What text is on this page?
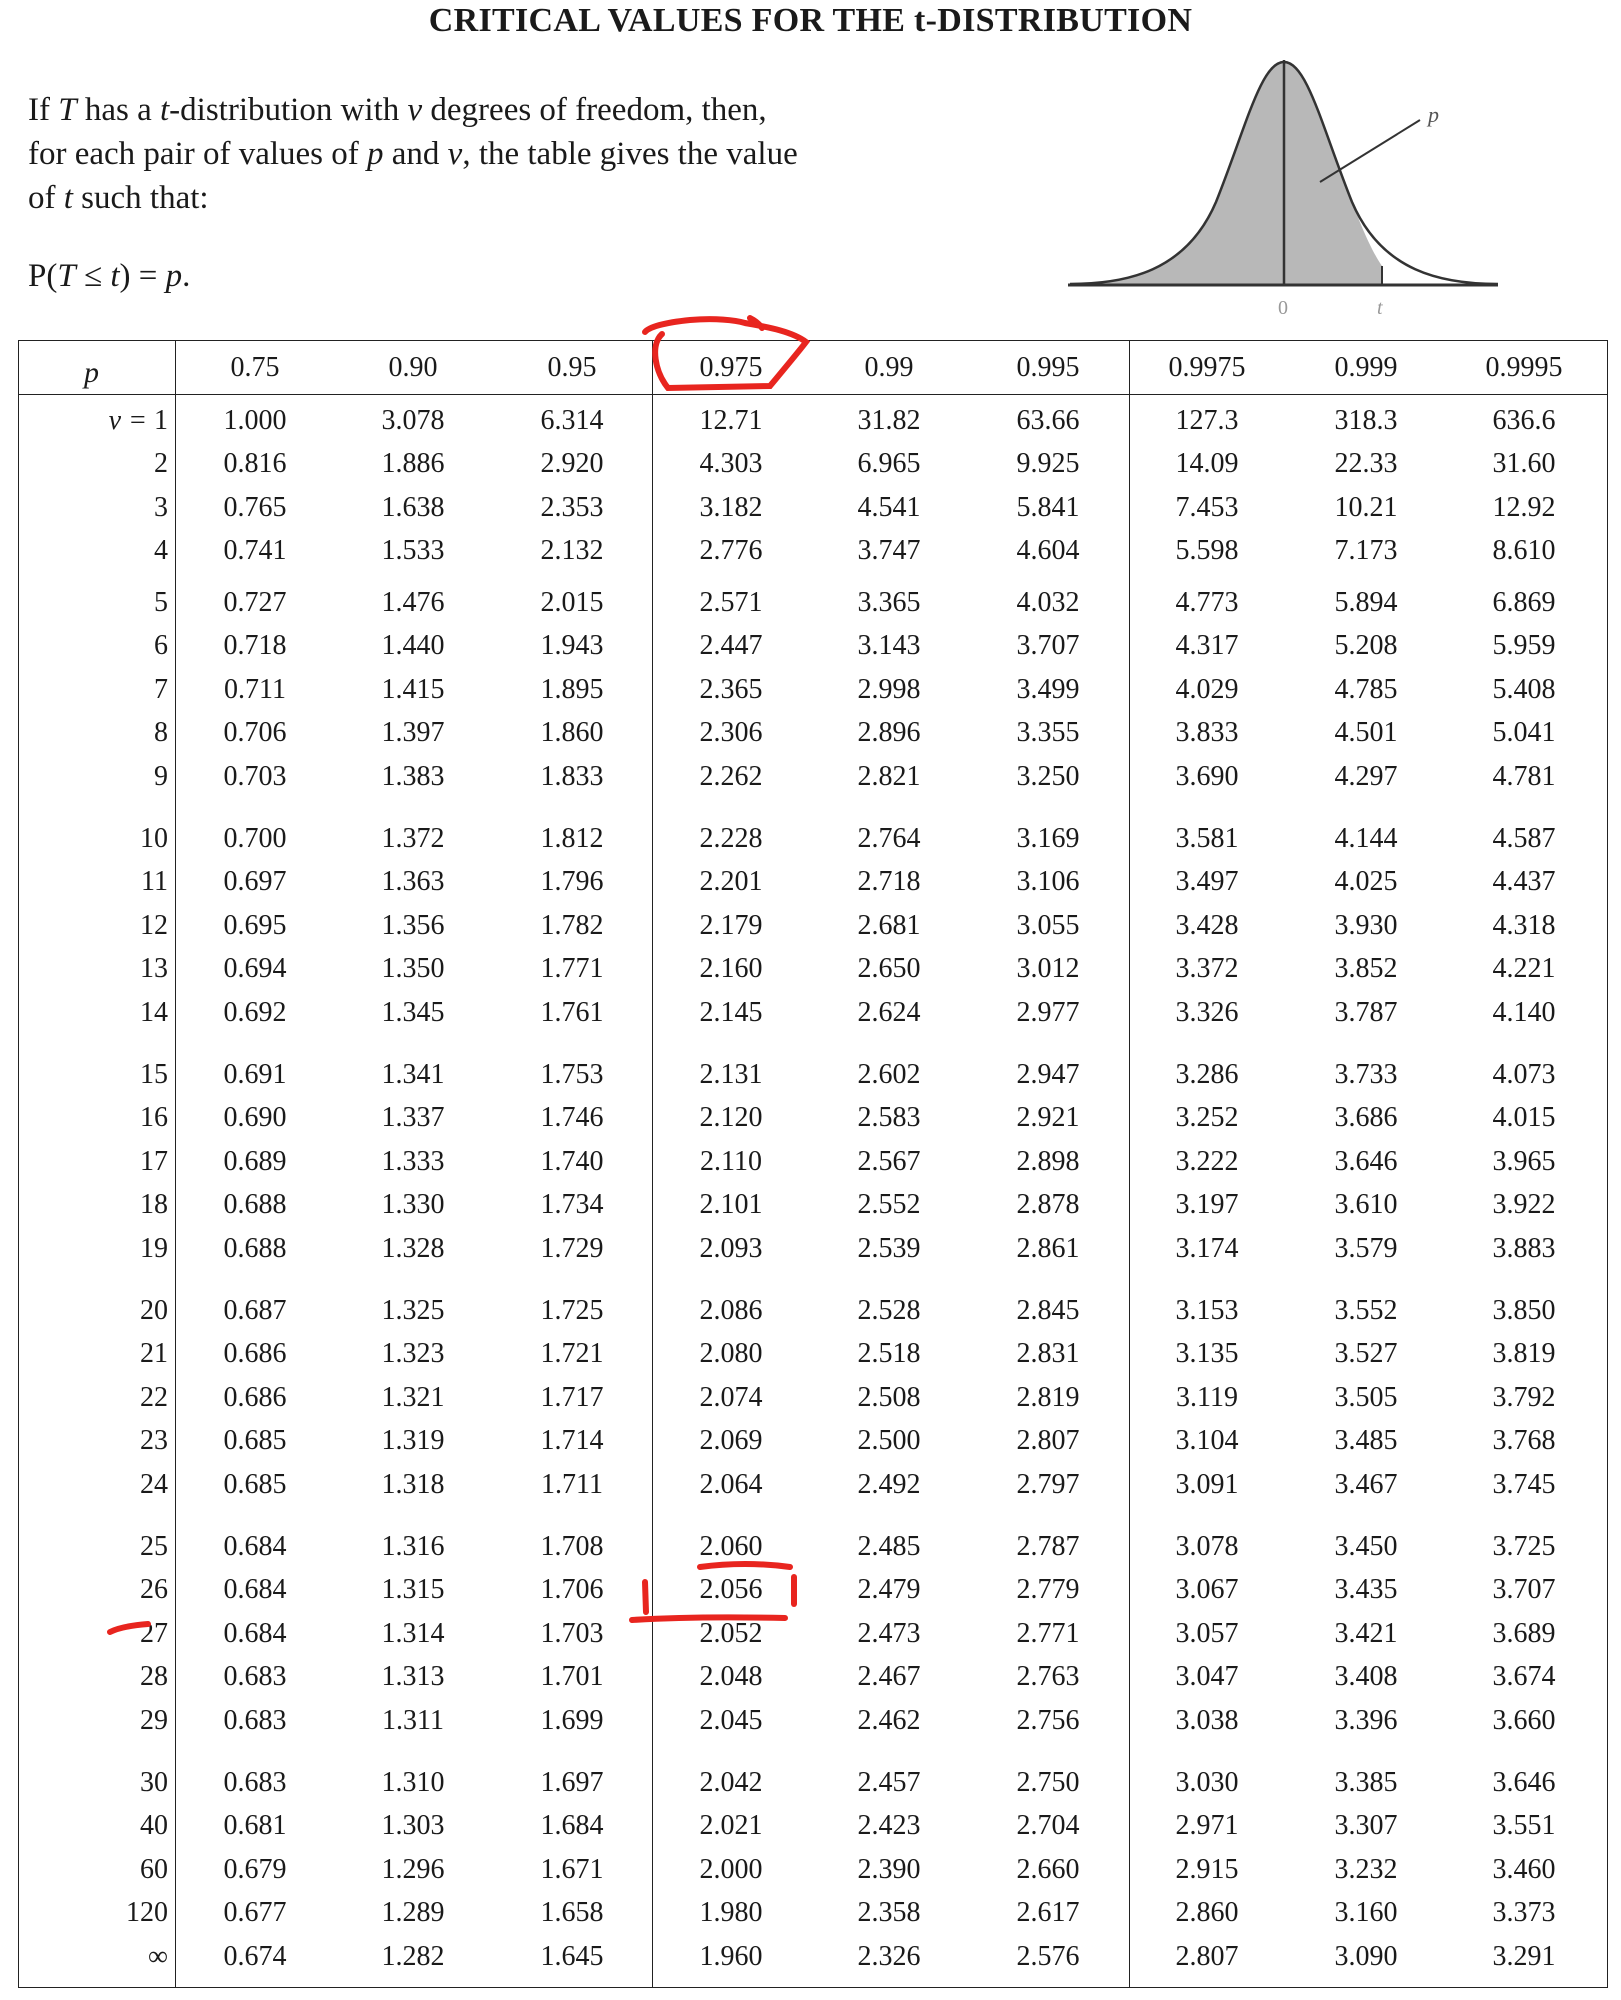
CRITICAL VALUES FOR THE t-DISTRIBUTION

If T has a t-distribution with ν degrees of freedom, then,

for each pair of values of p and ν, the table gives the value

of t such that:

P(T ≤ t) = p.
p
0	t
p	0.75	0.90	0.95	0.975	0.99	0.995	0.9975	0.999	0.9995
ν = 1	1.000	3.078	6.314	12.71	31.82	63.66	127.3	318.3	636.6
2	0.816	1.886	2.920	4.303	6.965	9.925	14.09	22.33	31.60
3	0.765	1.638	2.353	3.182	4.541	5.841	7.453	10.21	12.92
4	0.741	1.533	2.132	2.776	3.747	4.604	5.598	7.173	8.610
5	0.727	1.476	2.015	2.571	3.365	4.032	4.773	5.894	6.869
6	0.718	1.440	1.943	2.447	3.143	3.707	4.317	5.208	5.959
7	0.711	1.415	1.895	2.365	2.998	3.499	4.029	4.785	5.408
8	0.706	1.397	1.860	2.306	2.896	3.355	3.833	4.501	5.041
9	0.703	1.383	1.833	2.262	2.821	3.250	3.690	4.297	4.781
10	0.700	1.372	1.812	2.228	2.764	3.169	3.581	4.144	4.587
11	0.697	1.363	1.796	2.201	2.718	3.106	3.497	4.025	4.437
12	0.695	1.356	1.782	2.179	2.681	3.055	3.428	3.930	4.318
13	0.694	1.350	1.771	2.160	2.650	3.012	3.372	3.852	4.221
14	0.692	1.345	1.761	2.145	2.624	2.977	3.326	3.787	4.140
15	0.691	1.341	1.753	2.131	2.602	2.947	3.286	3.733	4.073
16	0.690	1.337	1.746	2.120	2.583	2.921	3.252	3.686	4.015
17	0.689	1.333	1.740	2.110	2.567	2.898	3.222	3.646	3.965
18	0.688	1.330	1.734	2.101	2.552	2.878	3.197	3.610	3.922
19	0.688	1.328	1.729	2.093	2.539	2.861	3.174	3.579	3.883
20	0.687	1.325	1.725	2.086	2.528	2.845	3.153	3.552	3.850
21	0.686	1.323	1.721	2.080	2.518	2.831	3.135	3.527	3.819
22	0.686	1.321	1.717	2.074	2.508	2.819	3.119	3.505	3.792
23	0.685	1.319	1.714	2.069	2.500	2.807	3.104	3.485	3.768
24	0.685	1.318	1.711	2.064	2.492	2.797	3.091	3.467	3.745
25	0.684	1.316	1.708	2.060	2.485	2.787	3.078	3.450	3.725
26	0.684	1.315	1.706	2.056	2.479	2.779	3.067	3.435	3.707
27	0.684	1.314	1.703	2.052	2.473	2.771	3.057	3.421	3.689
28	0.683	1.313	1.701	2.048	2.467	2.763	3.047	3.408	3.674
29	0.683	1.311	1.699	2.045	2.462	2.756	3.038	3.396	3.660
30	0.683	1.310	1.697	2.042	2.457	2.750	3.030	3.385	3.646
40	0.681	1.303	1.684	2.021	2.423	2.704	2.971	3.307	3.551
60	0.679	1.296	1.671	2.000	2.390	2.660	2.915	3.232	3.460
120	0.677	1.289	1.658	1.980	2.358	2.617	2.860	3.160	3.373
∞	0.674	1.282	1.645	1.960	2.326	2.576	2.807	3.090	3.291
